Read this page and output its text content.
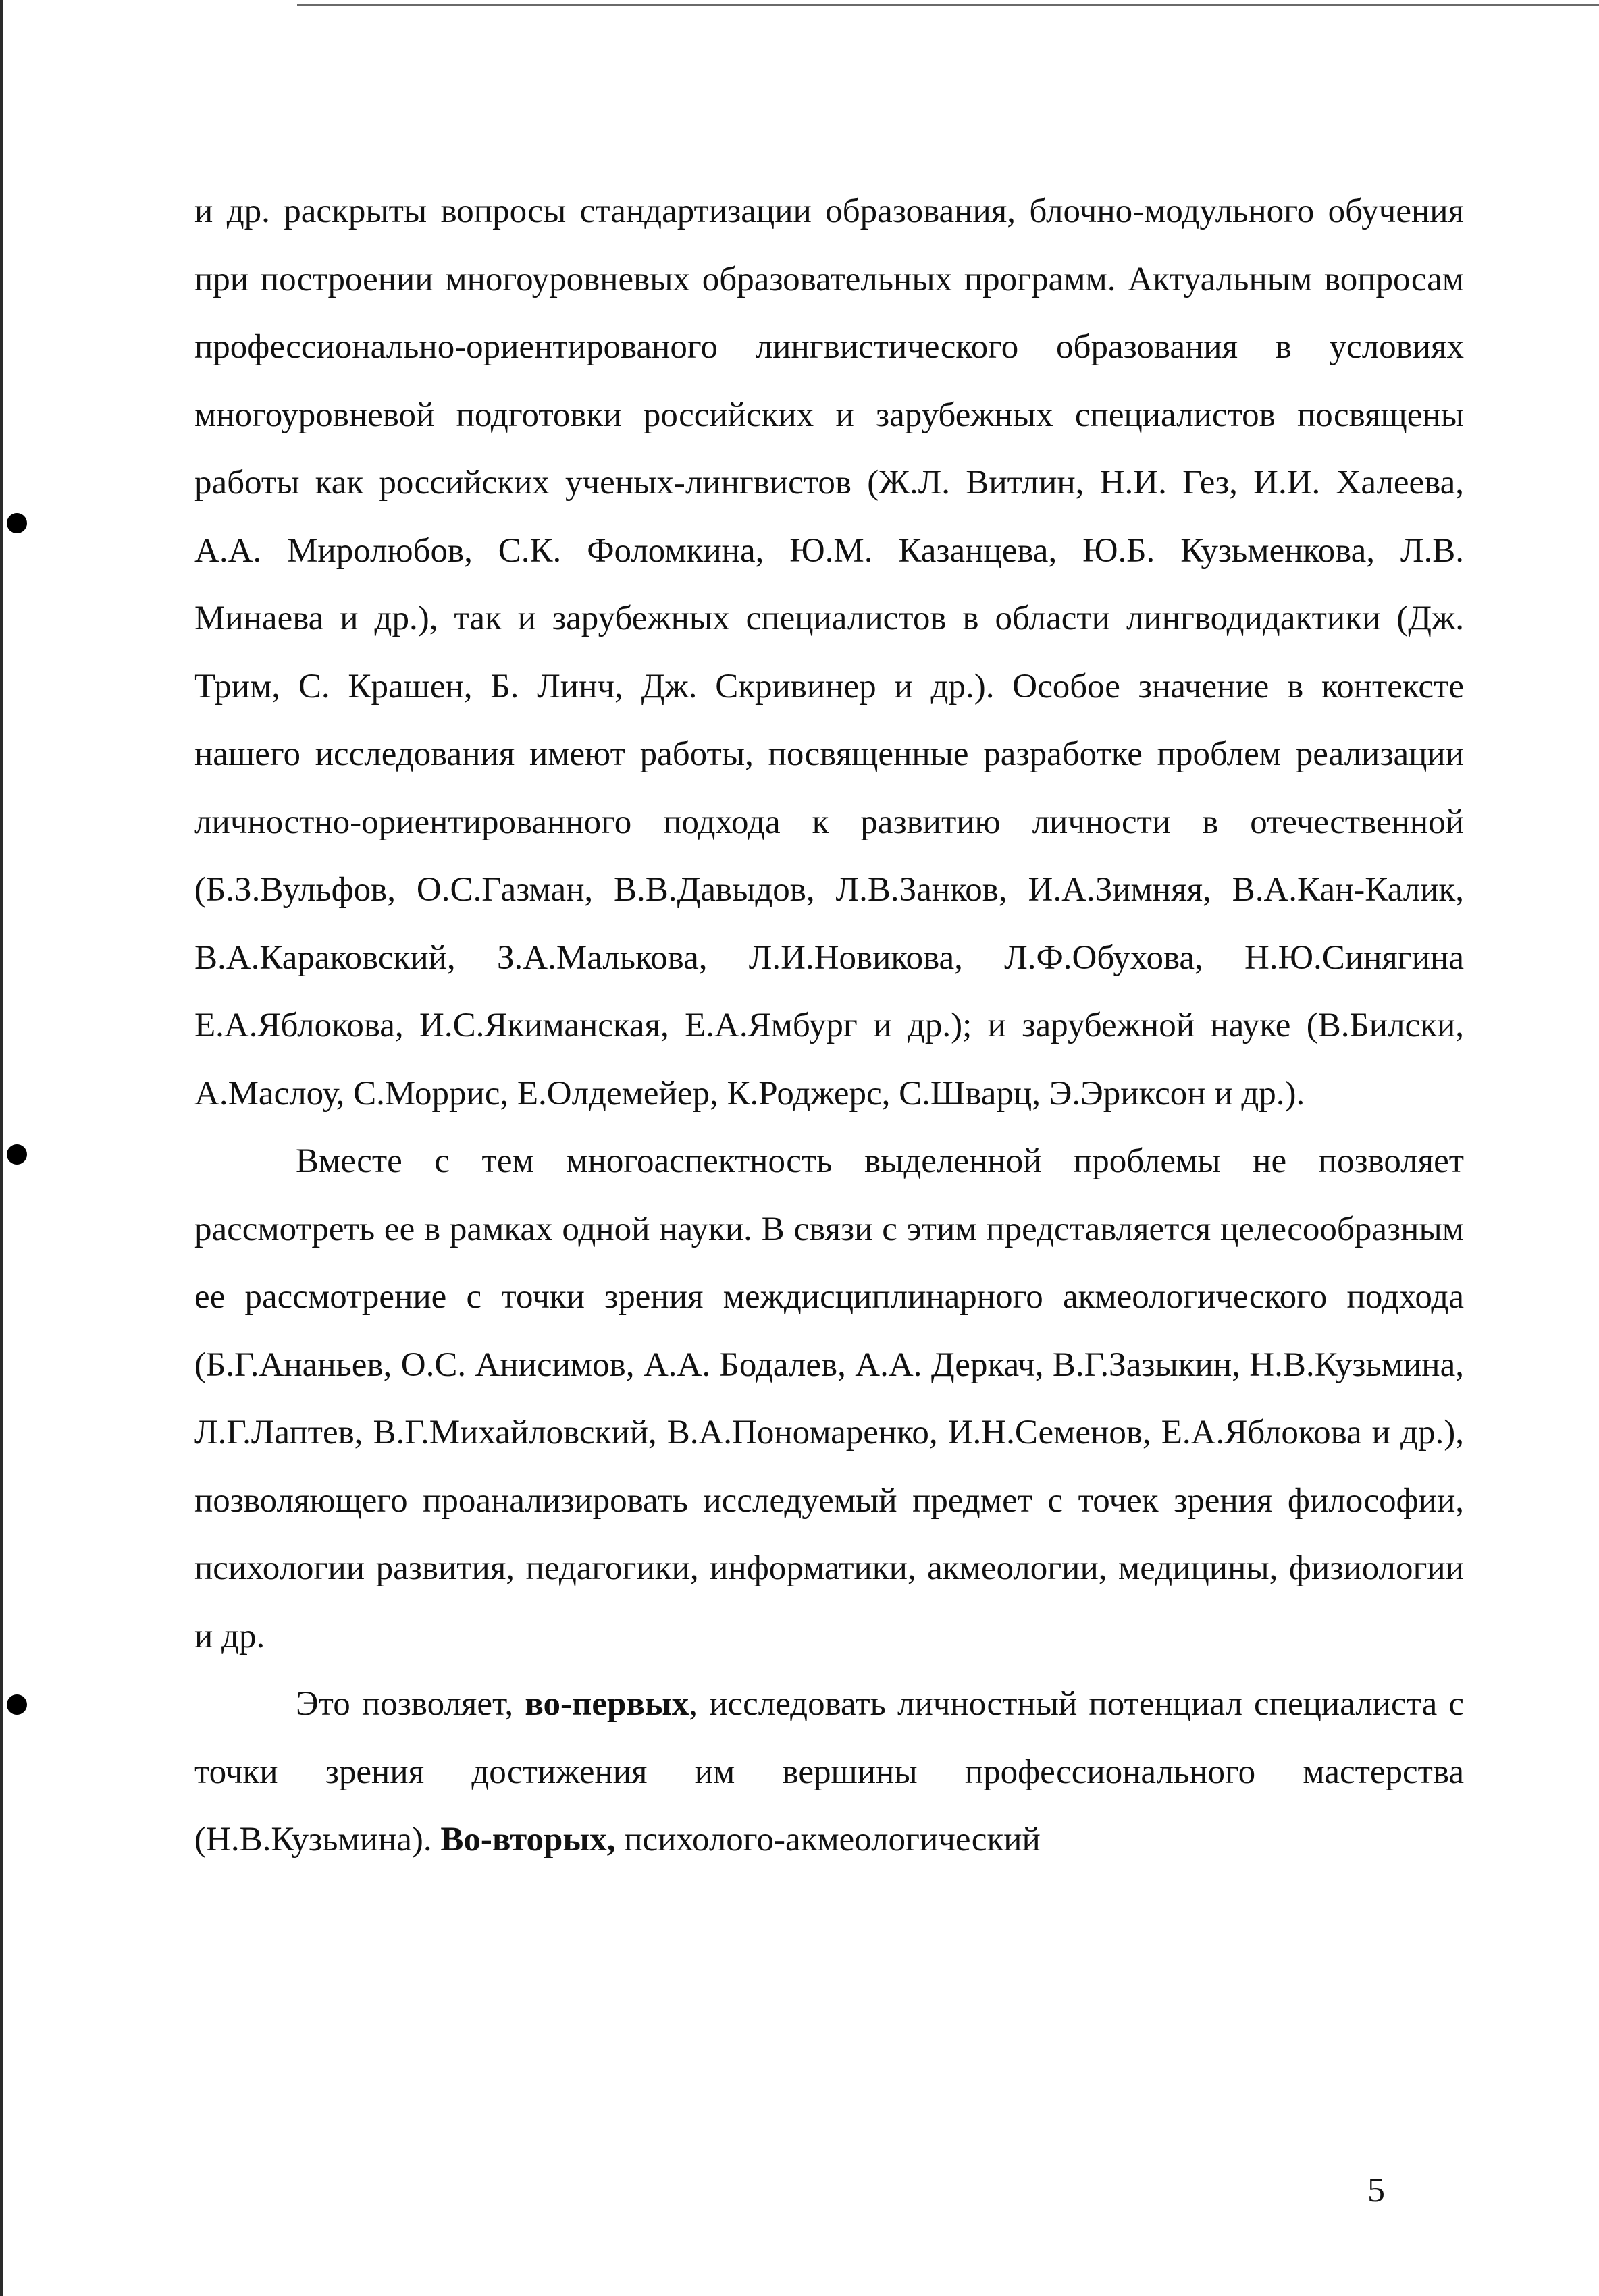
и др. раскрыты вопросы стандартизации образования, блочно-модульного обучения при построении многоуровневых образовательных программ. Актуальным вопросам профессионально-ориентированого лингвистического образования в условиях многоуровневой подготовки российских и зарубежных специалистов посвящены работы как российских ученых-лингвистов (Ж.Л. Витлин, Н.И. Гез, И.И. Халеева, А.А. Миролюбов, С.К. Фоломкина, Ю.М. Казанцева, Ю.Б. Кузьменкова, Л.В. Минаева и др.), так и зарубежных специалистов в области лингводидактики (Дж. Трим, С. Крашен, Б. Линч, Дж. Скривинер и др.). Особое значение в контексте нашего исследования имеют работы, посвященные разработке проблем реализации личностно-ориентированного подхода к развитию личности в отечественной (Б.З.Вульфов, О.С.Газман, В.В.Давыдов, Л.В.Занков, И.А.Зимняя, В.А.Кан-Калик, В.А.Караковский, З.А.Малькова, Л.И.Новикова, Л.Ф.Обухова, Н.Ю.Синягина Е.А.Яблокова, И.С.Якиманская, Е.А.Ямбург и др.); и зарубежной науке (В.Билски, А.Маслоу, С.Моррис, Е.Олдемейер, К.Роджерс, С.Шварц, Э.Эриксон и др.).

Вместе с тем многоаспектность выделенной проблемы не позволяет рассмотреть ее в рамках одной науки. В связи с этим представляется целесообразным ее рассмотрение с точки зрения междисциплинарного акмеологического подхода (Б.Г.Ананьев, О.С. Анисимов, А.А. Бодалев, А.А. Деркач, В.Г.Зазыкин, Н.В.Кузьмина, Л.Г.Лаптев, В.Г.Михайловский, В.А.Пономаренко, И.Н.Семенов, Е.А.Яблокова и др.), позволяющего проанализировать исследуемый предмет с точек зрения философии, психологии развития, педагогики, информатики, акмеологии, медицины, физиологии и др.

Это позволяет, во-первых, исследовать личностный потенциал специалиста с точки зрения достижения им вершины профессионального мастерства (Н.В.Кузьмина). Во-вторых, психолого-акмеологический

5
